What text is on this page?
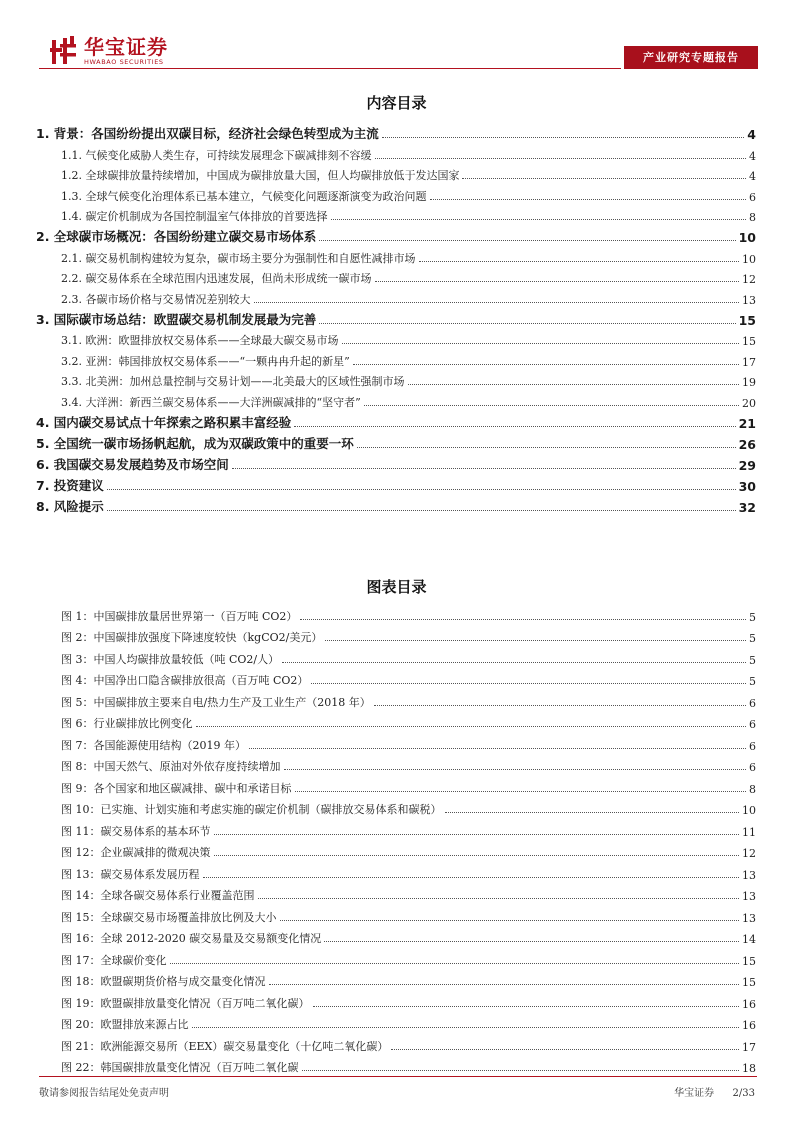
华宝证券
HWABAO SECURITIES	产业研究专题报告
内容目录
1. 背景：各国纷纷提出双碳目标，经济社会绿色转型成为主流	4
1.1. 气候变化威胁人类生存，可持续发展理念下碳减排刻不容缓	4
1.2. 全球碳排放量持续增加，中国成为碳排放量大国，但人均碳排放低于发达国家	4
1.3. 全球气候变化治理体系已基本建立，气候变化问题逐渐演变为政治问题	6
1.4. 碳定价机制成为各国控制温室气体排放的首要选择	8
2. 全球碳市场概况：各国纷纷建立碳交易市场体系	10
2.1. 碳交易机制构建较为复杂，碳市场主要分为强制性和自愿性减排市场	10
2.2. 碳交易体系在全球范围内迅速发展，但尚未形成统一碳市场	12
2.3. 各碳市场价格与交易情况差别较大	13
3. 国际碳市场总结：欧盟碳交易机制发展最为完善	15
3.1. 欧洲：欧盟排放权交易体系——全球最大碳交易市场	15
3.2. 亚洲：韩国排放权交易体系——“一颗冉冉升起的新星”	17
3.3. 北美洲：加州总量控制与交易计划——北美最大的区域性强制市场	19
3.4. 大洋洲：新西兰碳交易体系——大洋洲碳减排的“坚守者”	20
4. 国内碳交易试点十年探索之路积累丰富经验	21
5. 全国统一碳市场扬帆起航，成为双碳政策中的重要一环	26
6. 我国碳交易发展趋势及市场空间	29
7. 投资建议	30
8. 风险提示	32
图表目录
图 1：中国碳排放量居世界第一（百万吨 CO2）	5
图 2：中国碳排放强度下降速度较快（kgCO2/美元）	5
图 3：中国人均碳排放量较低（吨 CO2/人）	5
图 4：中国净出口隐含碳排放很高（百万吨 CO2）	5
图 5：中国碳排放主要来自电/热力生产及工业生产（2018 年）	6
图 6：行业碳排放比例变化	6
图 7：各国能源使用结构（2019 年）	6
图 8：中国天然气、原油对外依存度持续增加	6
图 9：各个国家和地区碳减排、碳中和承诺目标	8
图 10：已实施、计划实施和考虑实施的碳定价机制（碳排放交易体系和碳税）	10
图 11：碳交易体系的基本环节	11
图 12：企业碳减排的微观决策	12
图 13：碳交易体系发展历程	13
图 14：全球各碳交易体系行业覆盖范围	13
图 15：全球碳交易市场覆盖排放比例及大小	13
图 16：全球 2012-2020 碳交易量及交易额变化情况	14
图 17：全球碳价变化	15
图 18：欧盟碳期货价格与成交量变化情况	15
图 19：欧盟碳排放量变化情况（百万吨二氧化碳）	16
图 20：欧盟排放来源占比	16
图 21：欧洲能源交易所（EEX）碳交易量变化（十亿吨二氧化碳）	17
图 22：韩国碳排放量变化情况（百万吨二氧化碳	18
敬请参阅报告结尾处免责声明	华宝证券 2/33
